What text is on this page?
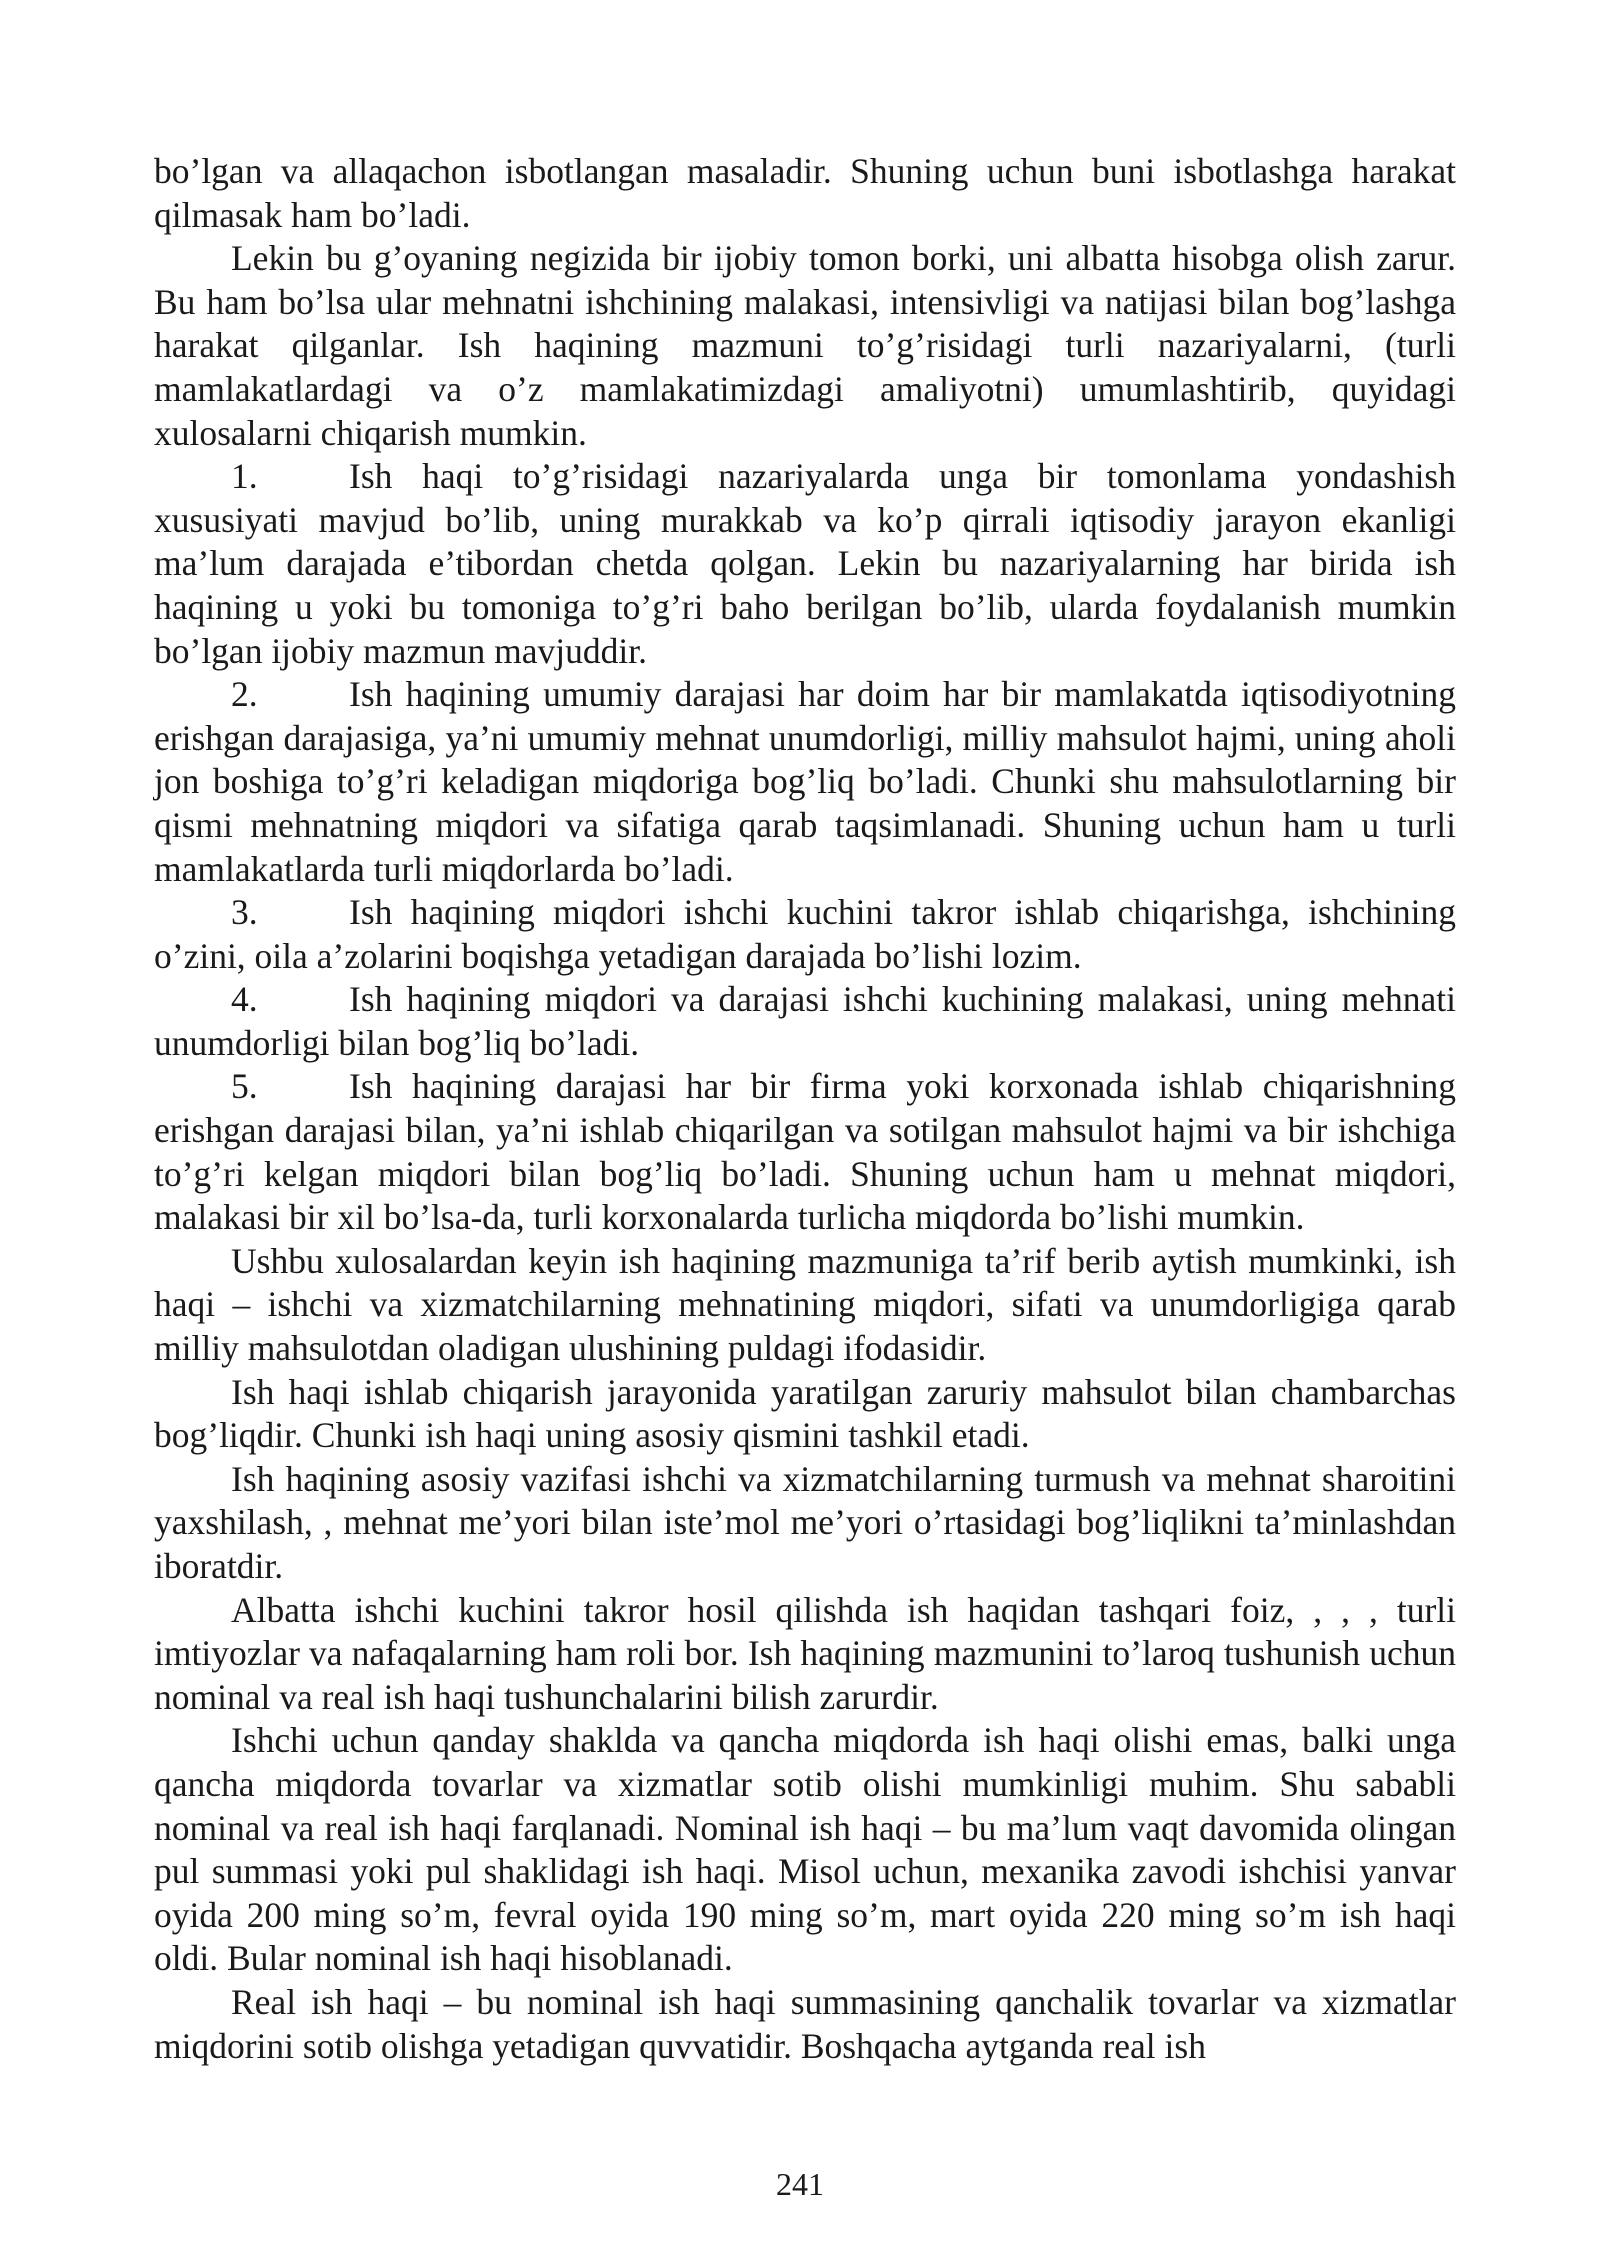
bo’lgan va allaqachon isbotlangan masaladir. Shuning uchun buni isbotlashga harakat qilmasak ham bo’ladi.

Lekin bu g’oyaning negizida bir ijobiy tomon borki, uni albatta hisobga olish zarur. Bu ham bo’lsa ular mehnatni ishchining malakasi, intensivligi va natijasi bilan bog’lashga harakat qilganlar. Ish haqining mazmuni to’g’risidagi turli nazariyalarni, (turli mamlakatlardagi va o’z mamlakatimizdagi amaliyotni) umumlashtirib, quyidagi xulosalarni chiqarish mumkin.

1.	Ish haqi to’g’risidagi nazariyalarda unga bir tomonlama yondashish xususiyati mavjud bo’lib, uning murakkab va ko’p qirrali iqtisodiy jarayon ekanligi ma’lum darajada e’tibordan chetda qolgan. Lekin bu nazariyalarning har birida ish haqining u yoki bu tomoniga to’g’ri baho berilgan bo’lib, ularda foydalanish mumkin bo’lgan ijobiy mazmun mavjuddir.

2.	Ish haqining umumiy darajasi har doim har bir mamlakatda iqtisodiyotning erishgan darajasiga, ya’ni umumiy mehnat unumdorligi, milliy mahsulot hajmi, uning aholi jon boshiga to’g’ri keladigan miqdoriga bog’liq bo’ladi. Chunki shu mahsulotlarning bir qismi mehnatning miqdori va sifatiga qarab taqsimlanadi. Shuning uchun ham u turli mamlakatlarda turli miqdorlarda bo’ladi.

3.	Ish haqining miqdori ishchi kuchini takror ishlab chiqarishga, ishchining o’zini, oila a’zolarini boqishga yetadigan darajada bo’lishi lozim.

4.	Ish haqining miqdori va darajasi ishchi kuchining malakasi, uning mehnati unumdorligi bilan bog’liq bo’ladi.

5.	Ish haqining darajasi har bir firma yoki korxonada ishlab chiqarishning erishgan darajasi bilan, ya’ni ishlab chiqarilgan va sotilgan mahsulot hajmi va bir ishchiga to’g’ri kelgan miqdori bilan bog’liq bo’ladi. Shuning uchun ham u mehnat miqdori, malakasi bir xil bo’lsa-da, turli korxonalarda turlicha miqdorda bo’lishi mumkin.

Ushbu xulosalardan keyin ish haqining mazmuniga ta’rif berib aytish mumkinki, ish haqi – ishchi va xizmatchilarning mehnatining miqdori, sifati va unumdorligiga qarab milliy mahsulotdan oladigan ulushining puldagi ifodasidir.

Ish haqi ishlab chiqarish jarayonida yaratilgan zaruriy mahsulot bilan chambarchas bog’liqdir. Chunki ish haqi uning asosiy qismini tashkil etadi.

Ish haqining asosiy vazifasi ishchi va xizmatchilarning turmush va mehnat sharoitini yaxshilash, , mehnat me’yori bilan iste’mol me’yori o’rtasidagi bog’liqlikni ta’minlashdan iboratdir.

Albatta ishchi kuchini takror hosil qilishda ish haqidan tashqari foiz, , , , turli imtiyozlar va nafaqalarning ham roli bor. Ish haqining mazmunini to’laroq tushunish uchun nominal va real ish haqi tushunchalarini bilish zarurdir.

Ishchi uchun qanday shaklda va qancha miqdorda ish haqi olishi emas, balki unga qancha miqdorda tovarlar va xizmatlar sotib olishi mumkinligi muhim. Shu sababli nominal va real ish haqi farqlanadi. Nominal ish haqi – bu ma’lum vaqt davomida olingan pul summasi yoki pul shaklidagi ish haqi. Misol uchun, mexanika zavodi ishchisi yanvar oyida 200 ming so’m, fevral oyida 190 ming so’m, mart oyida 220 ming so’m ish haqi oldi. Bular nominal ish haqi hisoblanadi.

Real ish haqi – bu nominal ish haqi summasining qanchalik tovarlar va xizmatlar miqdorini sotib olishga yetadigan quvvatidir. Boshqacha aytganda real ish

241
